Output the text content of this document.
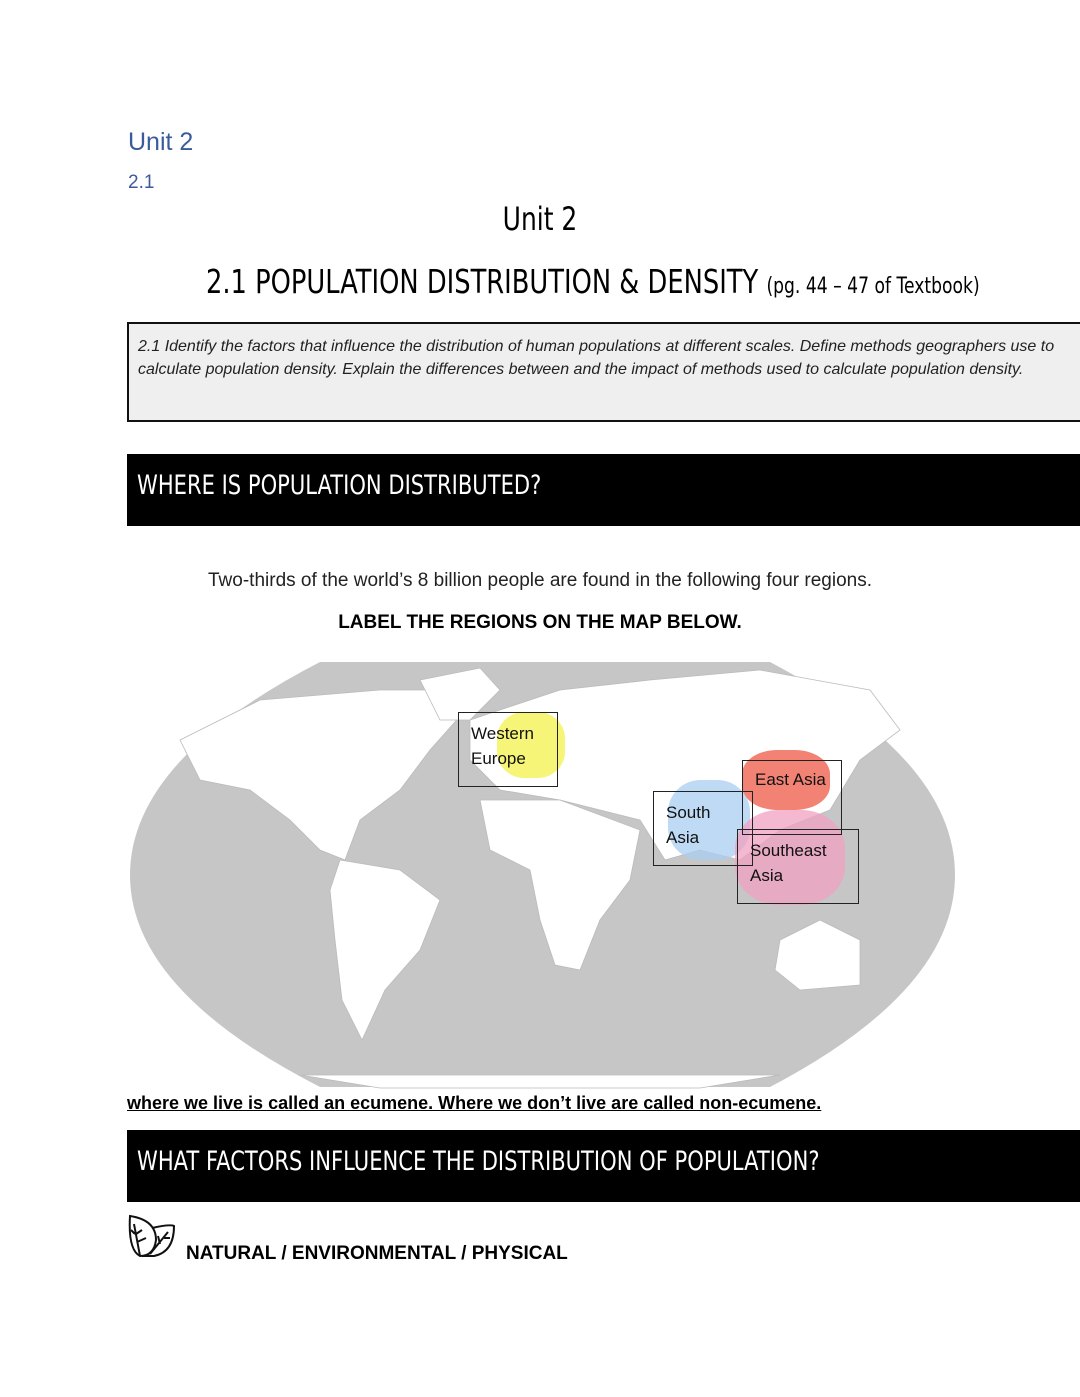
Unit 2
2.1
Unit 2
2.1 POPULATION DISTRIBUTION & DENSITY (pg. 44 – 47 of Textbook)
2.1 Identify the factors that influence the distribution of human populations at different scales. Define methods geographers use to calculate population density. Explain the differences between and the impact of methods used to calculate population density.
WHERE IS POPULATION DISTRIBUTED?
Two-thirds of the world’s 8 billion people are found in the following four regions.
LABEL THE REGIONS ON THE MAP BELOW.
Western Europe
East Asia
South Asia
Southeast Asia
where we live is called an ecumene. Where we don’t live are called non-ecumene.
WHAT FACTORS INFLUENCE THE DISTRIBUTION OF POPULATION?
NATURAL / ENVIRONMENTAL / PHYSICAL
